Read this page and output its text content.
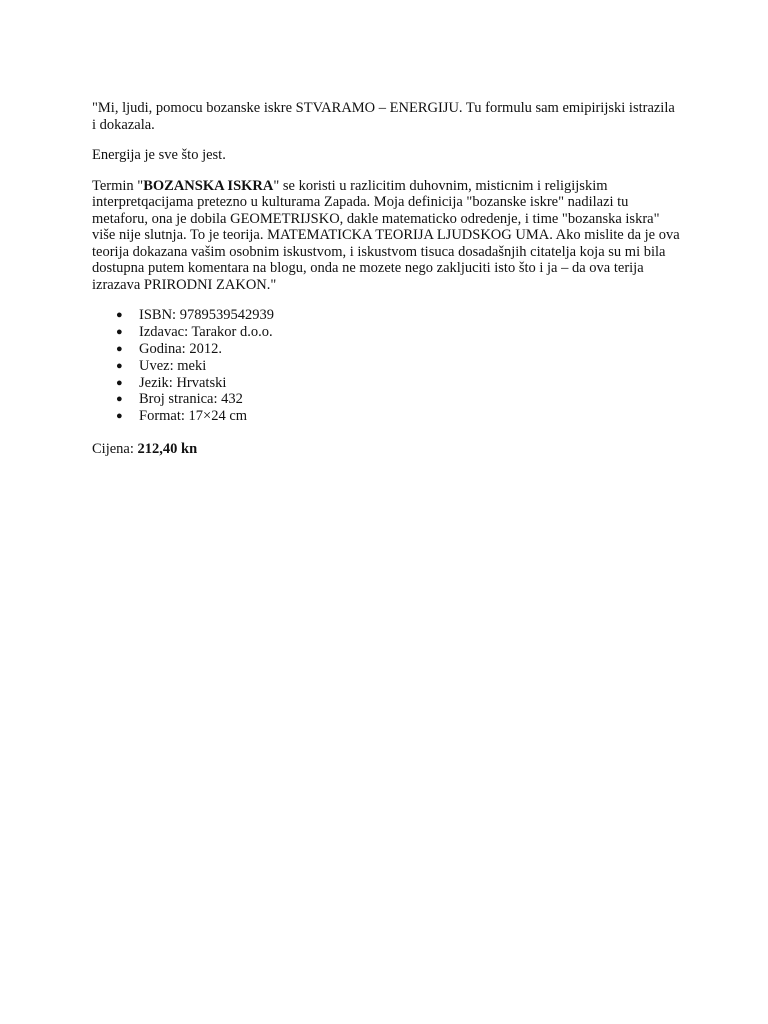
"Mi, ljudi, pomocu bozanske iskre STVARAMO – ENERGIJU. Tu formulu sam emipirijski istrazila i dokazala.

Energija je sve što jest.

Termin "BOZANSKA ISKRA" se koristi u razlicitim duhovnim, misticnim i religijskim interpretqacijama pretezno u kulturama Zapada. Moja definicija "bozanske iskre" nadilazi tu metaforu, ona je dobila GEOMETRIJSKO, dakle matematicko odredenje, i time "bozanska iskra" više nije slutnja. To je teorija. MATEMATICKA TEORIJA LJUDSKOG UMA. Ako mislite da je ova teorija dokazana vašim osobnim iskustvom, i iskustvom tisuca dosadašnjih citatelja koja su mi bila dostupna putem komentara na blogu, onda ne mozete nego zakljuciti isto što i ja – da ova terija izrazava PRIRODNI ZAKON."

● ISBN: 9789539542939
● Izdavac: Tarakor d.o.o.
● Godina: 2012.
● Uvez: meki
● Jezik: Hrvatski
● Broj stranica: 432
● Format: 17×24 cm

Cijena: 212,40 kn
